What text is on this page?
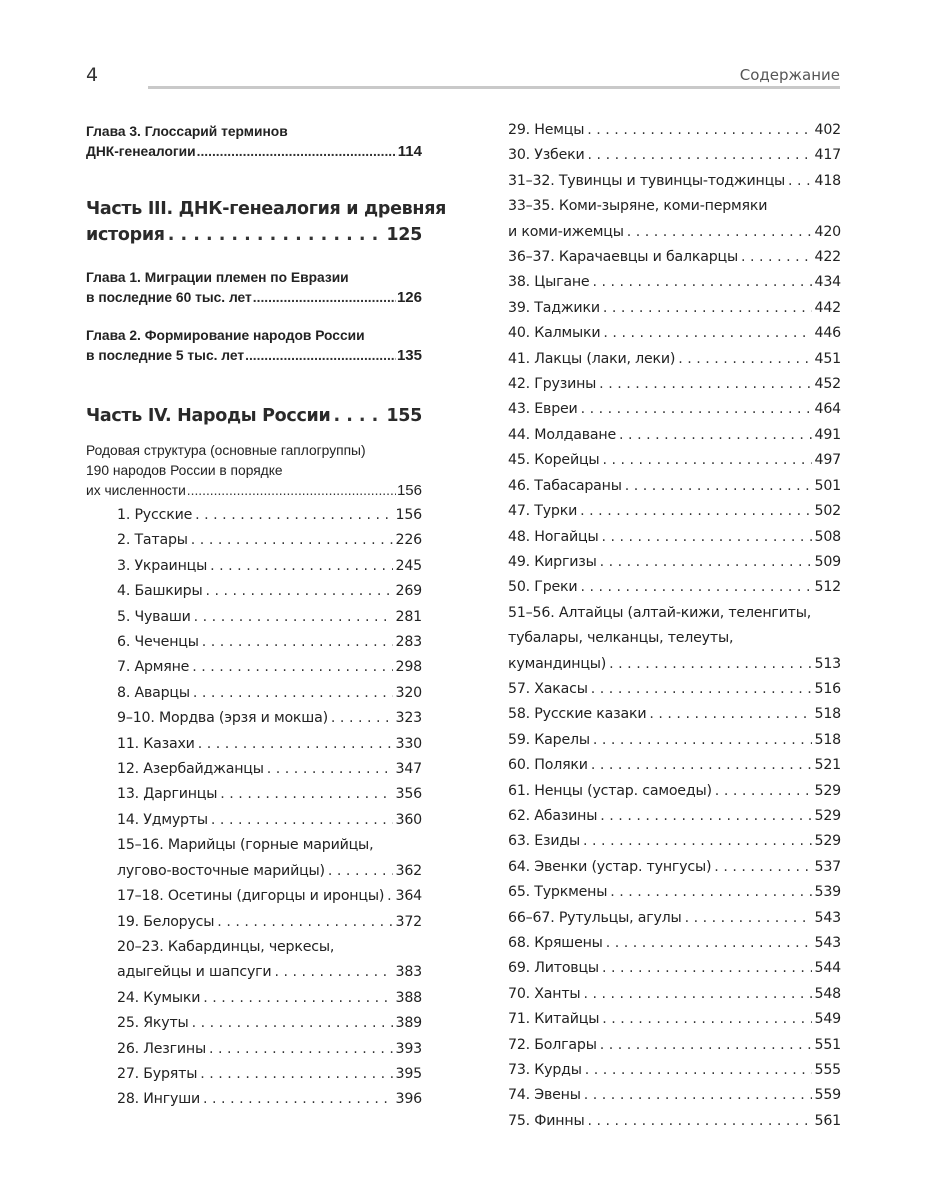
4	Содержание
Глава 3. Глоссарий терминов
ДНК-генеалогии .....	114
Часть III. ДНК-генеалогия и древняя
история . . .	125
Глава 1. Миграции племен по Евразии
в последние 60 тыс. лет .....	126
Глава 2. Формирование народов России
в последние 5 тыс. лет .....	135
Часть IV. Народы России . . .	155
Родовая структура (основные гаплогруппы)
190 народов России в порядке
их численности .....	156
1. Русские . . .	156
2. Татары . . .	226
3. Украинцы . . .	245
4. Башкиры . . .	269
5. Чуваши . . .	281
6. Чеченцы . . .	283
7. Армяне . . .	298
8. Аварцы . . .	320
9–10. Мордва (эрзя и мокша) . . .	323
11. Казахи . . .	330
12. Азербайджанцы . . .	347
13. Даргинцы . . .	356
14. Удмурты . . .	360
15–16. Марийцы (горные марийцы,
лугово-восточные марийцы) . . .	362
17–18. Осетины (дигорцы и иронцы) . . . 364
19. Белорусы . . .	372
20–23. Кабардинцы, черкесы,
адыгейцы и шапсуги . . .	383
24. Кумыки . . .	388
25. Якуты . . .	389
26. Лезгины . . .	393
27. Буряты . . .	395
28. Ингуши . . .	396
29. Немцы . . .	402
30. Узбеки . . .	417
31–32. Тувинцы и тувинцы-тоджинцы . . . 418
33–35. Коми-зыряне, коми-пермяки
и коми-ижемцы . . .	420
36–37. Карачаевцы и балкарцы . . .	422
38. Цыгане . . .	434
39. Таджики . . .	442
40. Калмыки . . .	446
41. Лакцы (лаки, леки) . . .	451
42. Грузины . . .	452
43. Евреи . . .	464
44. Молдаване . . .	491
45. Корейцы . . .	497
46. Табасараны . . .	501
47. Турки . . .	502
48. Ногайцы . . .	508
49. Киргизы . . .	509
50. Греки . . .	512
51–56. Алтайцы (алтай-кижи, теленгиты,
тубалары, челканцы, телеуты,
кумандинцы) . . .	513
57. Хакасы . . .	516
58. Русские казаки . . .	518
59. Карелы . . .	518
60. Поляки . . .	521
61. Ненцы (устар. самоеды) . . .	529
62. Абазины . . .	529
63. Езиды . . .	529
64. Эвенки (устар. тунгусы) . . .	537
65. Туркмены . . .	539
66–67. Рутульцы, агулы . . .	543
68. Кряшены . . .	543
69. Литовцы . . .	544
70. Ханты . . .	548
71. Китайцы . . .	549
72. Болгары . . .	551
73. Курды . . .	555
74. Эвены . . .	559
75. Финны . . .	561
